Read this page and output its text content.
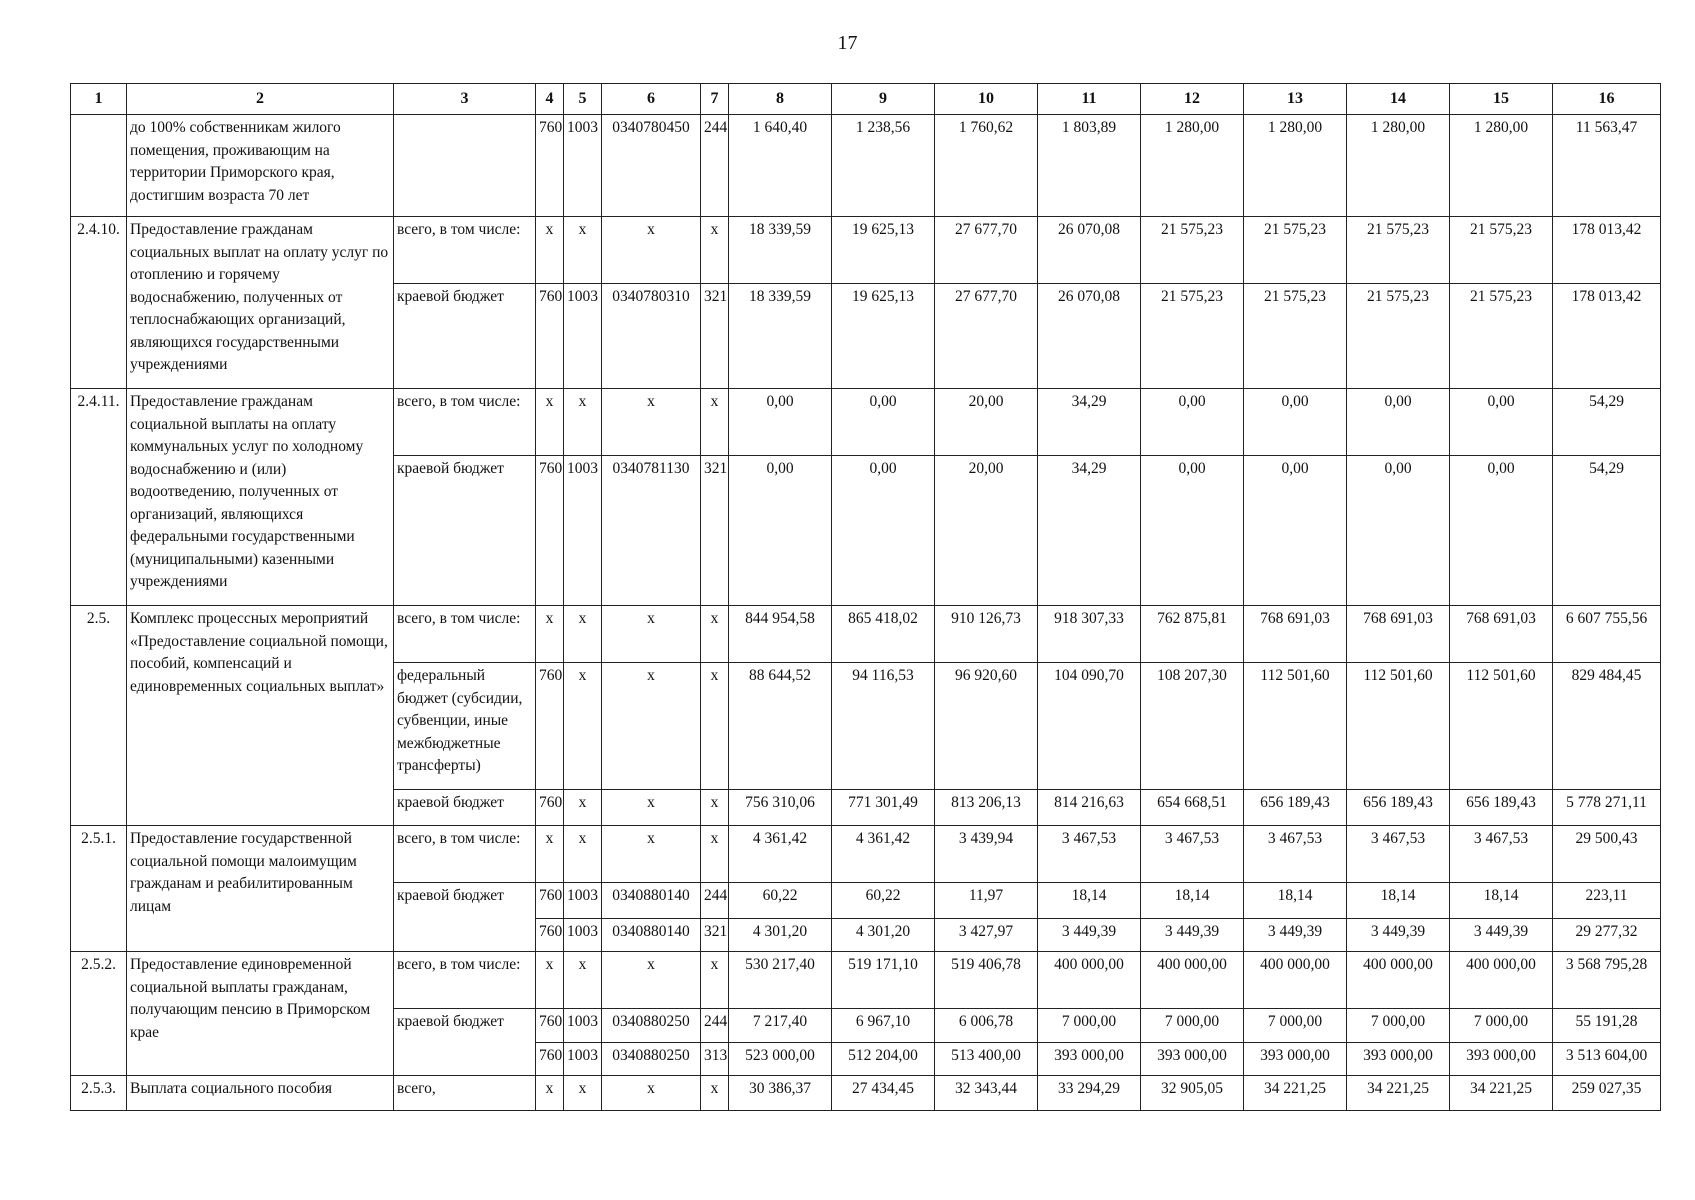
17
1	2	3	4	5	6	7	8	9	10	11	12	13	14	15	16
	до 100% собственникам жилого помещения, проживающим на территории Приморского края, достигшим возраста 70 лет		760	1003	0340780450	244	1 640,40	1 238,56	1 760,62	1 803,89	1 280,00	1 280,00	1 280,00	1 280,00	11 563,47
2.4.10.	Предоставление гражданам социальных выплат на оплату услуг по отоплению и горячему водоснабжению, полученных от теплоснабжающих организаций, являющихся государственными учреждениями	всего, в том числе:	x	x	x	x	18 339,59	19 625,13	27 677,70	26 070,08	21 575,23	21 575,23	21 575,23	21 575,23	178 013,42
		краевой бюджет	760	1003	0340780310	321	18 339,59	19 625,13	27 677,70	26 070,08	21 575,23	21 575,23	21 575,23	21 575,23	178 013,42
2.4.11.	Предоставление гражданам социальной выплаты на оплату коммунальных услуг по холодному водоснабжению и (или) водоотведению, полученных от организаций, являющихся федеральными государственными (муниципальными) казенными учреждениями	всего, в том числе:	x	x	x	x	0,00	0,00	20,00	34,29	0,00	0,00	0,00	0,00	54,29
		краевой бюджет	760	1003	0340781130	321	0,00	0,00	20,00	34,29	0,00	0,00	0,00	0,00	54,29
2.5.	Комплекс процессных мероприятий «Предоставление социальной помощи, пособий, компенсаций и единовременных социальных выплат»	всего, в том числе:	x	x	x	x	844 954,58	865 418,02	910 126,73	918 307,33	762 875,81	768 691,03	768 691,03	768 691,03	6 607 755,56
		федеральный бюджет (субсидии, субвенции, иные межбюджетные трансферты)	760	x	x	x	88 644,52	94 116,53	96 920,60	104 090,70	108 207,30	112 501,60	112 501,60	112 501,60	829 484,45
		краевой бюджет	760	x	x	x	756 310,06	771 301,49	813 206,13	814 216,63	654 668,51	656 189,43	656 189,43	656 189,43	5 778 271,11
2.5.1.	Предоставление государственной социальной помощи малоимущим гражданам и реабилитированным лицам	всего, в том числе:	x	x	x	x	4 361,42	4 361,42	3 439,94	3 467,53	3 467,53	3 467,53	3 467,53	3 467,53	29 500,43
		краевой бюджет	760	1003	0340880140	244	60,22	60,22	11,97	18,14	18,14	18,14	18,14	18,14	223,11
			760	1003	0340880140	321	4 301,20	4 301,20	3 427,97	3 449,39	3 449,39	3 449,39	3 449,39	3 449,39	29 277,32
2.5.2.	Предоставление единовременной социальной выплаты гражданам, получающим пенсию в Приморском крае	всего, в том числе:	x	x	x	x	530 217,40	519 171,10	519 406,78	400 000,00	400 000,00	400 000,00	400 000,00	400 000,00	3 568 795,28
		краевой бюджет	760	1003	0340880250	244	7 217,40	6 967,10	6 006,78	7 000,00	7 000,00	7 000,00	7 000,00	7 000,00	55 191,28
			760	1003	0340880250	313	523 000,00	512 204,00	513 400,00	393 000,00	393 000,00	393 000,00	393 000,00	393 000,00	3 513 604,00
2.5.3.	Выплата социального пособия	всего,	x	x	x	x	30 386,37	27 434,45	32 343,44	33 294,29	32 905,05	34 221,25	34 221,25	34 221,25	259 027,35
